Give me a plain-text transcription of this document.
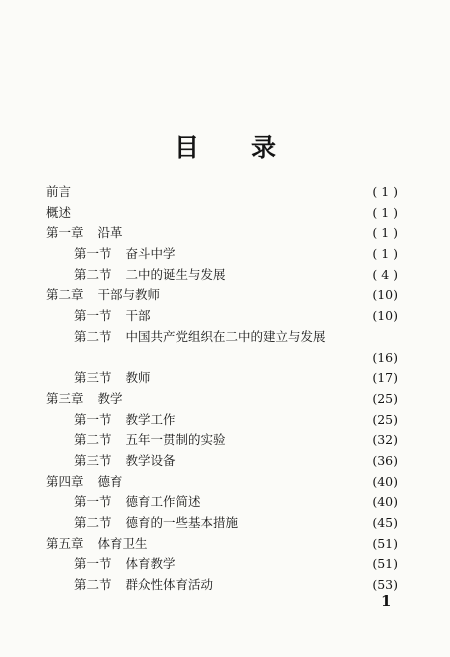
目 录
前言	( 1 )
概述	( 1 )
第一章 沿革	( 1 )
第一节 奋斗中学	( 1 )
第二节 二中的诞生与发展	( 4 )
第二章 干部与教师	(10)
第一节 干部	(10)
第二节 中国共产党组织在二中的建立与发展
(16)
第三节 教师	(17)
第三章 教学	(25)
第一节 教学工作	(25)
第二节 五年一贯制的实验	(32)
第三节 教学设备	(36)
第四章 德育	(40)
第一节 德育工作简述	(40)
第二节 德育的一些基本措施	(45)
第五章 体育卫生	(51)
第一节 体育教学	(51)
第二节 群众性体育活动	(53)
1
